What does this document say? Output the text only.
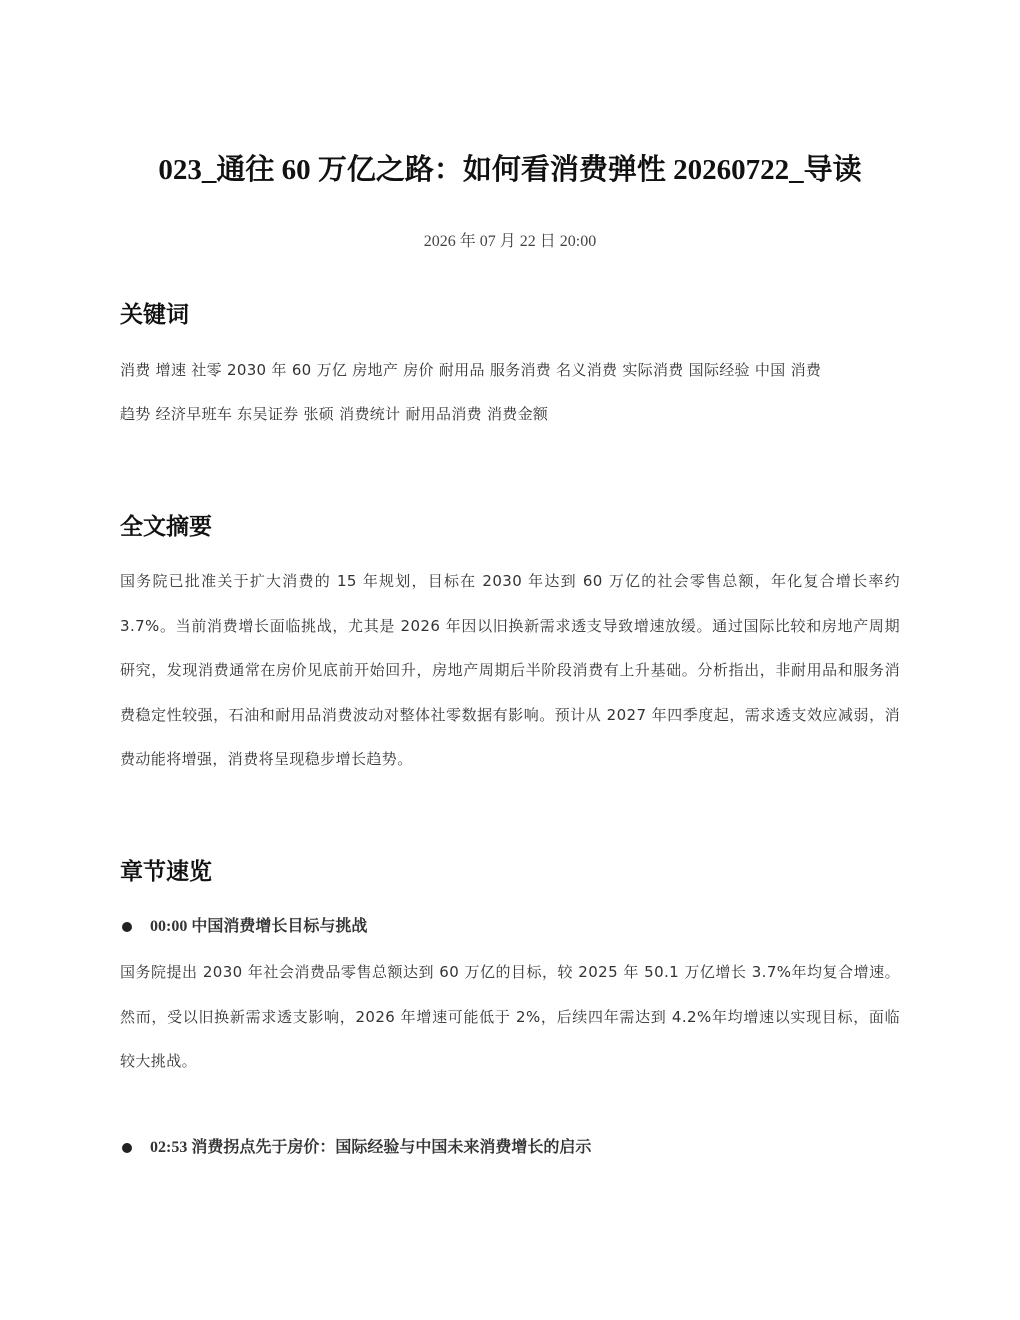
023_通往 60 万亿之路：如何看消费弹性 20260722_导读
2026 年 07 月 22 日 20:00
关键词
消费 增速 社零 2030 年 60 万亿 房地产 房价 耐用品 服务消费 名义消费 实际消费 国际经验 中国 消费
趋势 经济早班车 东吴证券 张硕 消费统计 耐用品消费 消费金额
全文摘要

国务院已批准关于扩大消费的 15 年规划，目标在 2030 年达到 60 万亿的社会零售总额，年化复合增长率约 3.7%。当前消费增长面临挑战，尤其是 2026 年因以旧换新需求透支导致增速放缓。通过国际比较和房地产周期研究，发现消费通常在房价见底前开始回升，房地产周期后半阶段消费有上升基础。分析指出，非耐用品和服务消费稳定性较强，石油和耐用品消费波动对整体社零数据有影响。预计从 2027 年四季度起，需求透支效应减弱，消费动能将增强，消费将呈现稳步增长趋势。

章节速览
00:00 中国消费增长目标与挑战

国务院提出 2030 年社会消费品零售总额达到 60 万亿的目标，较 2025 年 50.1 万亿增长 3.7%年均复合增速。然而，受以旧换新需求透支影响，2026 年增速可能低于 2%，后续四年需达到 4.2%年均增速以实现目标，面临较大挑战。

02:53 消费拐点先于房价：国际经验与中国未来消费增长的启示
